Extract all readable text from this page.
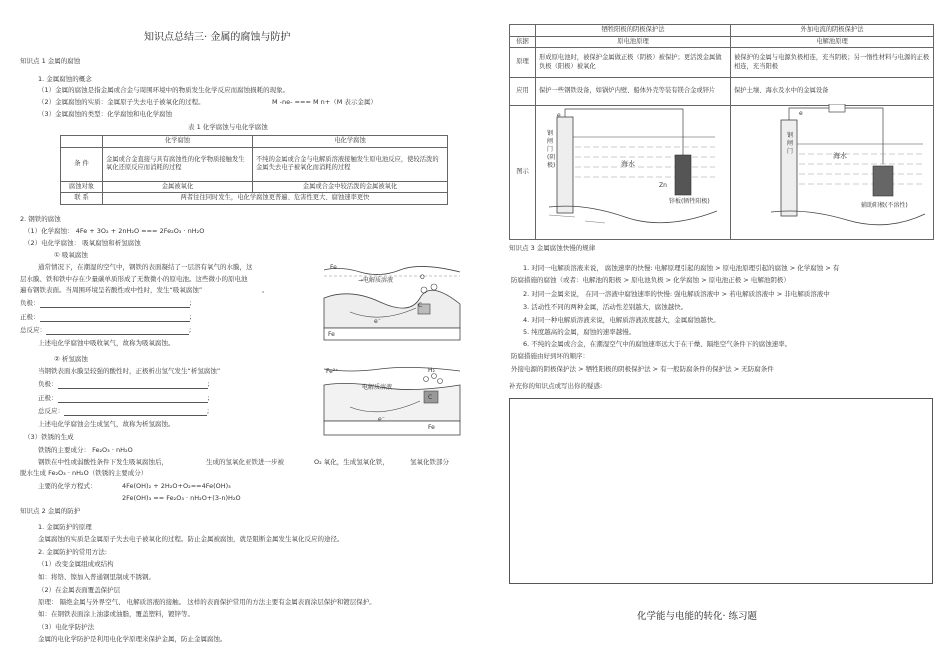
知识点总结三· 金属的腐蚀与防护
知识点 1 金属的腐蚀
1. 金属腐蚀的概念
（1）金属的腐蚀是指金属或合金与周围环境中的物质发生化学反应而腐蚀损耗的现象。
（2）金属腐蚀的实质：金属原子失去电子被氧化的过程。	M -ne- === M n+（M 表示金属）
（3）金属腐蚀的类型：化学腐蚀和电化学腐蚀
表 1 化学腐蚀与电化学腐蚀
	化学腐蚀	电化学腐蚀
条 件	金属或合金直接与具有腐蚀性的化学物质接触发生氧化还原反应而消耗的过程	不纯的金属或合金与电解质溶液接触发生原电池反应，使较活泼的金属失去电子被氧化而消耗的过程
腐蚀对象	金属被氧化	金属或合金中较活泼的金属被氧化
联 系	两者往往同时发生，电化学腐蚀更普遍、危害性更大、腐蚀速率更快	
2. 钢铁的腐蚀
（1）化学腐蚀： 4Fe + 3O₂ + 2nH₂O === 2Fe₂O₃ · nH₂O
（2）电化学腐蚀： 吸氧腐蚀和析氢腐蚀
① 吸氧腐蚀
通常情况下，在潮湿的空气中，钢铁的表面凝结了一层溶有氧气的水膜，这
层水膜、铁和铁中存在少量碳单质形成了无数微小的原电池。这些微小的原电池
遍布钢铁表面。当周围环境呈若酸性或中性时，发生“吸氧腐蚀”	。
负极：	;
正极：	;
总反应：	;
上述电化学腐蚀中吸收氧气，故称为吸氧腐蚀。
② 析氢腐蚀
当钢铁表面水膜呈较强的酸性时，正极析出氢气发生“析氢腐蚀”
负极：	;
正极：	;
总反应：	;
上述电化学腐蚀会生成氢气，故称为析氢腐蚀。
（3）铁锈的生成
铁锈的主要成分： Fe₂O₃ · nH₂O
钢铁在中性或弱酸性条件下发生吸氧腐蚀后，	生成的氢氧化亚铁进一步被	O₂ 氧化，生成氢氧化铁，	氢氧化铁部分
脱水生成 Fe₂O₃ · nH₂O（铁锈的主要成分）
主要的化学方程式：	4Fe(OH)₂ + 2H₂O+O₂==4Fe(OH)₃
2Fe(OH)₃ == Fe₂O₃ · nH₂O+(3-n)H₂O
知识点 2 金属的防护
1. 金属防护的原理
金属腐蚀的实质是金属原子失去电子被氧化的过程。防止金属被腐蚀，就是阻断金属发生氧化反应的途径。
2. 金属防护的常用方法:
（1）改变金属组成或结构
如：将铬、镍加入普通钢里制成不锈钢。
（2）在金属表面覆盖保护层
原理： 隔绝金属与外界空气、 电解质溶液的接触。 这样的表面保护常用的方法主要有金属表面涂层保护和镀层保护。
如：在钢铁表面涂上油漆或油脂，覆盖塑料，镀锌等。
（3）电化学防护法
金属的电化学防护是利用电化学原理来保护金属，防止金属腐蚀。
Fe
O
→电解质溶液
C
e⁻
Fe
Fe²⁺	H₂
电解质溶液
C
e⁻
Fe
	牺牲阳极的阴极保护法	外加电流的阴极保护法
依据	原电池原理	电解池原理
原理	形成原电池时，被保护金属做正极（阴极）被保护；更活泼金属做负极（阳极）被氧化	被保护的金属与电源负极相连，充当阴极；另一惰性材料与电源的正极相连，充当阳极
应用	保护一些钢铁设备，如锅炉内壁、船体外壳等装有镁合金或锌片	保护土壤、海水及水中的金属设备
图示		
钢闸门(阴极)	海水
Zn
锌板(牺牲阳极)
e
钢闸门
海水
辅助阳极(不溶性)
e
知识点 3 金属腐蚀快慢的规律
1. 对同一电解质溶液来说， 腐蚀速率的快慢: 电解原理引起的腐蚀 > 原电池原理引起的腐蚀 > 化学腐蚀 > 有
防腐措施的腐蚀（或者：电解池的阳极 > 原电池负极 > 化学腐蚀 > 原电池正极 > 电解池阴极）
2. 对同一金属来说， 在同一溶液中腐蚀速率的快慢: 强电解质溶液中 > 若电解质溶液中 > 非电解质溶液中
3. 活动性不同的两种金属，活动性差别越大，腐蚀越快。
4. 对同一种电解质溶液来说，电解质溶液浓度越大，金属腐蚀越快。
5. 纯度越高的金属，腐蚀的速率越慢。
6. 不纯的金属或合金，在潮湿空气中的腐蚀速率远大于在干燥、隔绝空气条件下的腐蚀速率。
防腐措施由好到坏的顺序：
外接电源的阴极保护法 > 牺牲阳极的阴极保护法 > 有一般防腐条件的保护法 > 无防腐条件
补充你的知识点或写出你的疑惑:
化学能与电能的转化· 练习题
